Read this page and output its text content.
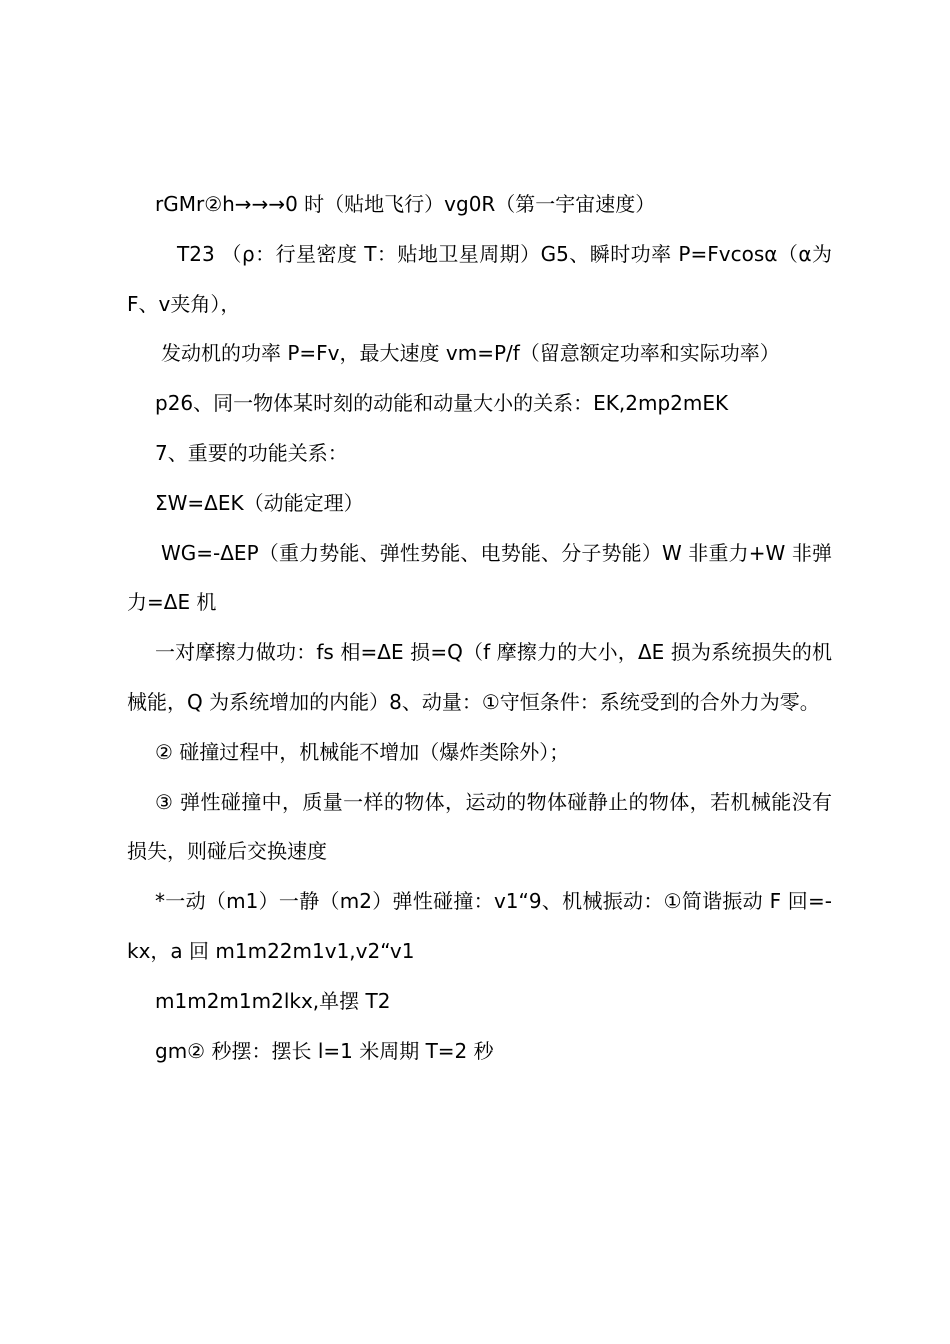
rGMr②h→→→0 时（贴地飞行）vg0R（第一宇宙速度）

T23 （ρ：行星密度 T：贴地卫星周期）G5、瞬时功率 P=Fvcosα（α为F、v夹角），

发动机的功率 P=Fv，最大速度 vm=P/f（留意额定功率和实际功率）

p26、同一物体某时刻的动能和动量大小的关系：EK,2mp2mEK

7、重要的功能关系：

ΣW=ΔEK（动能定理）

WG=-ΔEP（重力势能、弹性势能、电势能、分子势能）W 非重力+W 非弹力=ΔE 机

一对摩擦力做功：fs 相=ΔE 损=Q（f 摩擦力的大小，ΔE 损为系统损失的机械能，Q 为系统增加的内能）8、动量：①守恒条件：系统受到的合外力为零。

② 碰撞过程中，机械能不增加（爆炸类除外）；

③ 弹性碰撞中，质量一样的物体，运动的物体碰静止的物体，若机械能没有损失，则碰后交换速度

*一动（m1）一静（m2）弹性碰撞：v1“9、机械振动：①简谐振动 F 回=-kx，a 回 m1m22m1v1,v2“v1

m1m2m1m2lkx,单摆 T2

gm② 秒摆：摆长 l=1 米周期 T=2 秒
